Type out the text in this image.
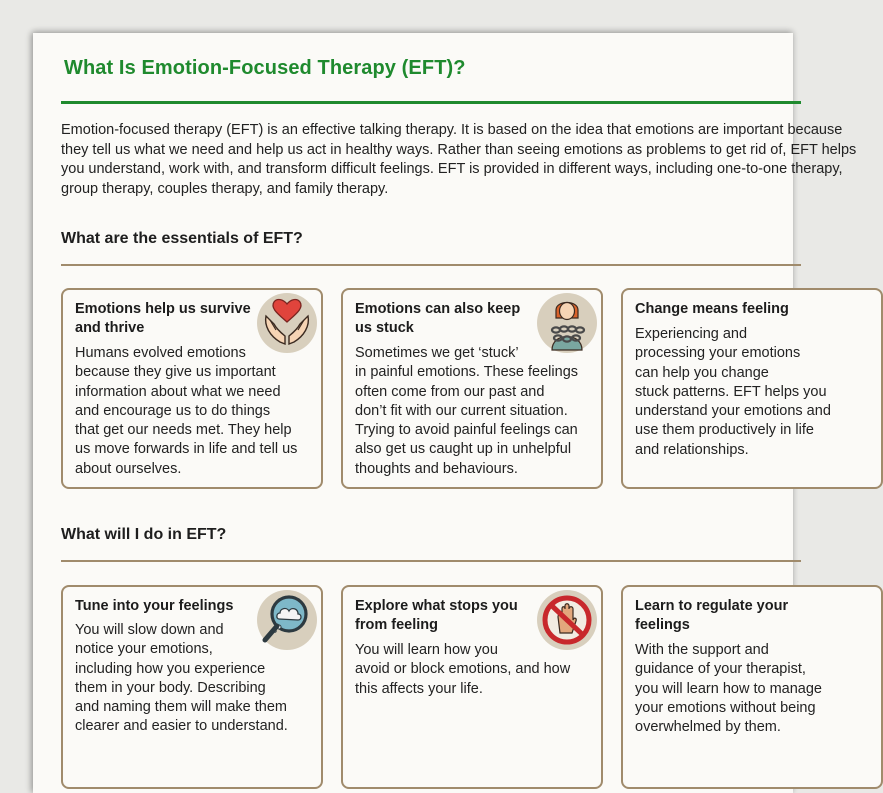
What Is Emotion-Focused Therapy (EFT)?
Emotion-focused therapy (EFT) is an effective talking therapy. It is based on the idea that emotions are important because
they tell us what we need and help us act in healthy ways. Rather than seeing emotions as problems to get rid of, EFT helps
you understand, work with, and transform difficult feelings. EFT is provided in different ways, including one-to-one therapy,
group therapy, couples therapy, and family therapy.
What are the essentials of EFT?
Emotions help us survive
and thrive
Humans evolved emotions
because they give us important
information about what we need
and encourage us to do things
that get our needs met. They help
us move forwards in life and tell us
about ourselves.
Emotions can also keep
us stuck
Sometimes we get ‘stuck’
in painful emotions. These feelings
often come from our past and
don’t fit with our current situation.
Trying to avoid painful feelings can
also get us caught up in unhelpful
thoughts and behaviours.
Change means feeling
Experiencing and
processing your emotions
can help you change
stuck patterns. EFT helps you
understand your emotions and
use them productively in life
and relationships.
What will I do in EFT?
Tune into your feelings
You will slow down and
notice your emotions,
including how you experience
them in your body. Describing
and naming them will make them
clearer and easier to understand.
Explore what stops you
from feeling
You will learn how you
avoid or block emotions, and how
this affects your life.
Learn to regulate your
feelings
With the support and
guidance of your therapist,
you will learn how to manage
your emotions without being
overwhelmed by them.
